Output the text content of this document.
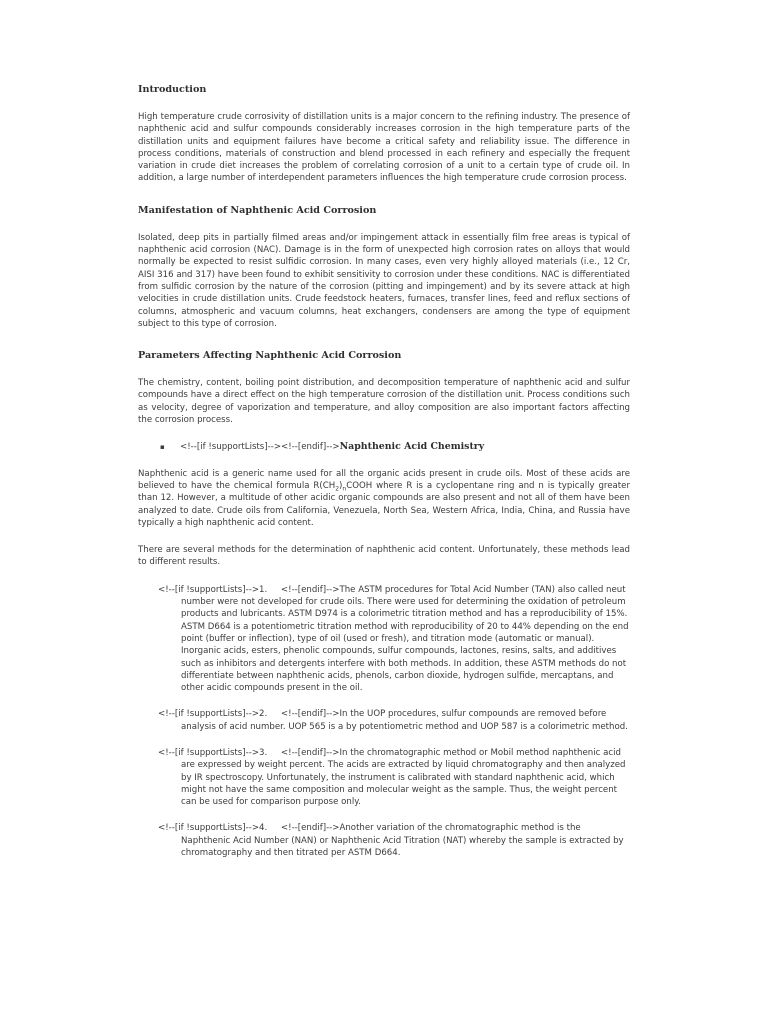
Introduction

High temperature crude corrosivity of distillation units is a major concern to the refining industry. The presence of naphthenic acid and sulfur compounds considerably increases corrosion in the high temperature parts of the distillation units and equipment failures have become a critical safety and reliability issue. The difference in process conditions, materials of construction and blend processed in each refinery and especially the frequent variation in crude diet increases the problem of correlating corrosion of a unit to a certain type of crude oil. In addition, a large number of interdependent parameters influences the high temperature crude corrosion process.

Manifestation of Naphthenic Acid Corrosion

Isolated, deep pits in partially filmed areas and/or impingement attack in essentially film free areas is typical of naphthenic acid corrosion (NAC). Damage is in the form of unexpected high corrosion rates on alloys that would normally be expected to resist sulfidic corrosion. In many cases, even very highly alloyed materials (i.e., 12 Cr, AISI 316 and 317) have been found to exhibit sensitivity to corrosion under these conditions. NAC is differentiated from sulfidic corrosion by the nature of the corrosion (pitting and impingement) and by its severe attack at high velocities in crude distillation units. Crude feedstock heaters, furnaces, transfer lines, feed and reflux sections of columns, atmospheric and vacuum columns, heat exchangers, condensers are among the type of equipment subject to this type of corrosion.

Parameters Affecting Naphthenic Acid Corrosion

The chemistry, content, boiling point distribution, and decomposition temperature of naphthenic acid and sulfur compounds have a direct effect on the high temperature corrosion of the distillation unit. Process conditions such as velocity, degree of vaporization and temperature, and alloy composition are also important factors affecting the corrosion process.

▪ <!--[if !supportLists]--><!--[endif]-->Naphthenic Acid Chemistry

Naphthenic acid is a generic name used for all the organic acids present in crude oils. Most of these acids are believed to have the chemical formula $R(CH_2)_nCOOH$ where R is a cyclopentane ring and n is typically greater than 12. However, a multitude of other acidic organic compounds are also present and not all of them have been analyzed to date. Crude oils from California, Venezuela, North Sea, Western Africa, India, China, and Russia have typically a high naphthenic acid content.

There are several methods for the determination of naphthenic acid content. Unfortunately, these methods lead to different results.

<!--[if !supportLists]-->1. <!--[endif]-->The ASTM procedures for Total Acid Number (TAN) also called neut number were not developed for crude oils. There were used for determining the oxidation of petroleum products and lubricants. ASTM D974 is a colorimetric titration method and has a reproducibility of 15%. ASTM D664 is a potentiometric titration method with reproducibility of 20 to 44% depending on the end point (buffer or inflection), type of oil (used or fresh), and titration mode (automatic or manual). Inorganic acids, esters, phenolic compounds, sulfur compounds, lactones, resins, salts, and additives such as inhibitors and detergents interfere with both methods. In addition, these ASTM methods do not differentiate between naphthenic acids, phenols, carbon dioxide, hydrogen sulfide, mercaptans, and other acidic compounds present in the oil.
<!--[if !supportLists]-->2. <!--[endif]-->In the UOP procedures, sulfur compounds are removed before analysis of acid number. UOP 565 is a by potentiometric method and UOP 587 is a colorimetric method.
<!--[if !supportLists]-->3. <!--[endif]-->In the chromatographic method or Mobil method naphthenic acid are expressed by weight percent. The acids are extracted by liquid chromatography and then analyzed by IR spectroscopy. Unfortunately, the instrument is calibrated with standard naphthenic acid, which might not have the same composition and molecular weight as the sample. Thus, the weight percent can be used for comparison purpose only.
<!--[if !supportLists]-->4. <!--[endif]-->Another variation of the chromatographic method is the Naphthenic Acid Number (NAN) or Naphthenic Acid Titration (NAT) whereby the sample is extracted by chromatography and then titrated per ASTM D664.
